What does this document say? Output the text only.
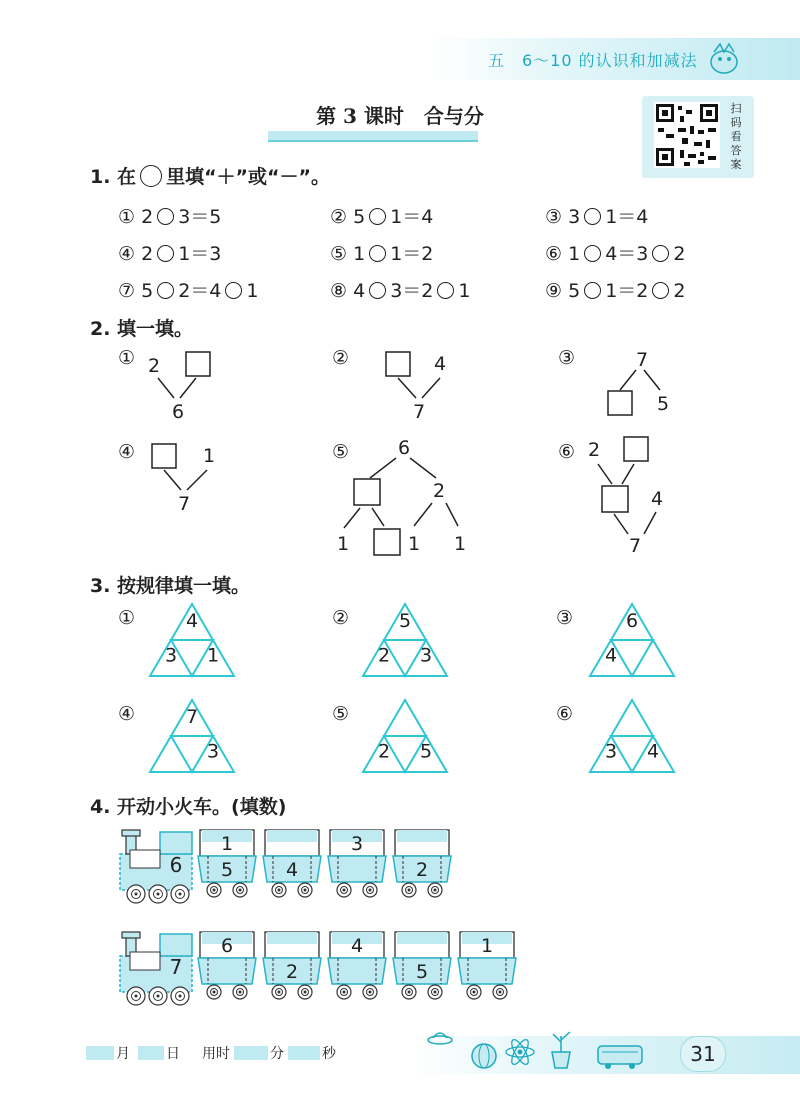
五　6～10 的认识和加减法
第 3 课时　合与分	扫
码
看
答
案
1. 在 里填“＋”或“－”。
① 2 3＝5	② 5 1＝4	③ 3 1＝4
④ 2 1＝3	⑤ 1 1＝2	⑥ 1 4＝3 2
⑦ 5 2＝4 1	⑧ 4 3＝2 1	⑨ 5 1＝2 2
2. 填一填。
①	②	③
④	⑤	⑥
2
6
4
7
7
5
1
7
6
2
1	1 1
2
4
7
3. 按规律填一填。
①	②	③
④	⑤	⑥
4
3 1
5
2 3
6
4
7
3	2 5	3 4
4. 开动小火车。(填数)
6
1
5	4
3
2
7
6
2
4
5
1
31
月	日 用时	分	秒
